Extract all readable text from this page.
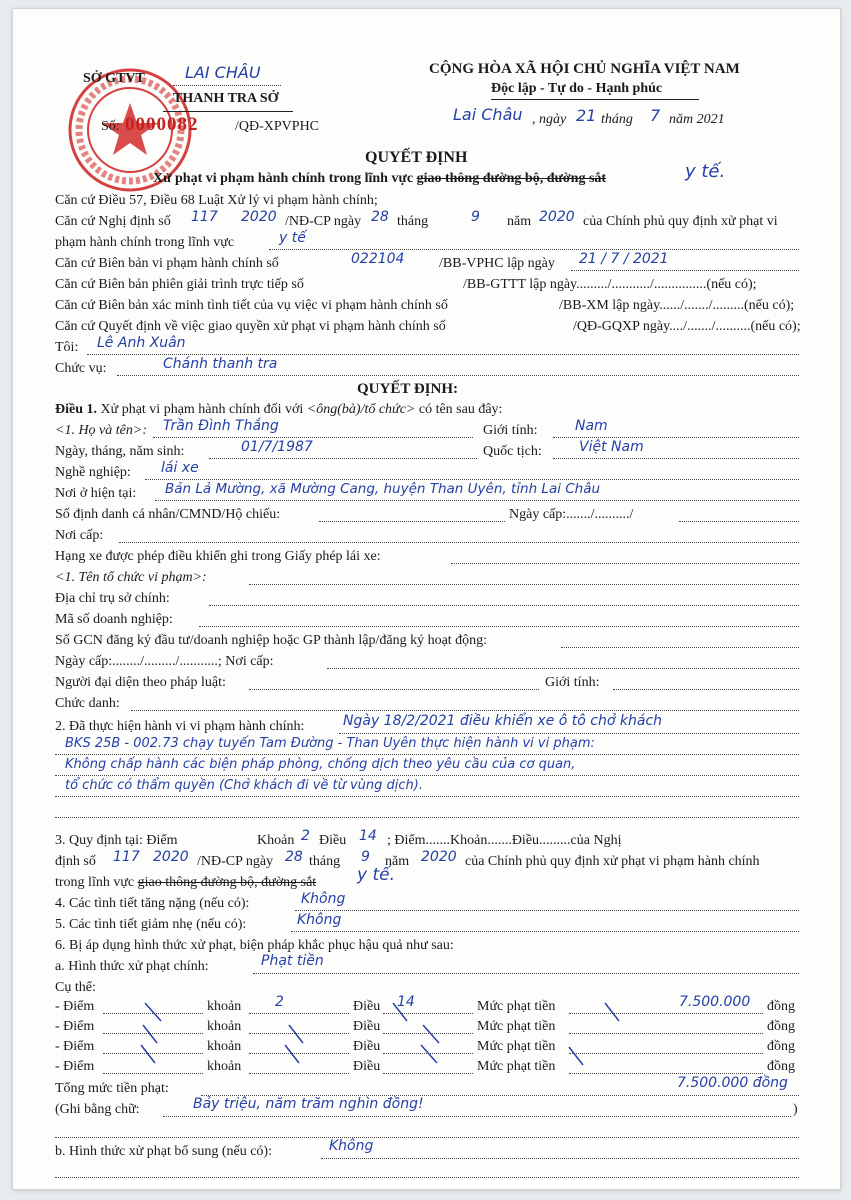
SỞ GTVT	LAI CHÂU
THANH TRA SỞ
Số: 0000082	/QĐ-XPVPHC
CỘNG HÒA XÃ HỘI CHỦ NGHĨA VIỆT NAM
Độc lập - Tự do - Hạnh phúc
Lai Châu , ngày 21 tháng 7 năm 2021
QUYẾT ĐỊNH
Xử phạt vi phạm hành chính trong lĩnh vực giao thông đường bộ, đường sắt	y tế.
Căn cứ Điều 57, Điều 68 Luật Xử lý vi phạm hành chính;
Căn cứ Nghị định số 117 2020 /NĐ-CP ngày 28 tháng	9 năm 2020 của Chính phủ quy định xử phạt vi
phạm hành chính trong lĩnh vực	y tế
Căn cứ Biên bản vi phạm hành chính số	022104 /BB-VPHC lập ngày 21 / 7 / 2021
Căn cứ Biên bản phiên giải trình trực tiếp số	/BB-GTTT lập ngày........./.........../...............(nếu có);
Căn cứ Biên bản xác minh tình tiết của vụ việc vi phạm hành chính số	/BB-XM lập ngày....../......./.........(nếu có);
Căn cứ Quyết định về việc giao quyền xử phạt vi phạm hành chính số	/QĐ-GQXP ngày..../......./..........(nếu có);
Tôi: Lê Anh Xuân
Chức vụ:	Chánh thanh tra
QUYẾT ĐỊNH:
Điều 1. Xử phạt vi phạm hành chính đối với <ông(bà)/tổ chức> có tên sau đây:
<1. Họ và tên>: Trần Đình Thắng	Giới tính:	Nam
Ngày, tháng, năm sinh:	01/7/1987	Quốc tịch:	Việt Nam
Nghề nghiệp: lái xe
Nơi ở hiện tại: Bản Lả Mường, xã Mường Cang, huyện Than Uyên, tỉnh Lai Châu
Số định danh cá nhân/CMND/Hộ chiếu:	Ngày cấp:......./........../
Nơi cấp:
Hạng xe được phép điều khiển ghi trong Giấy phép lái xe:
<1. Tên tổ chức vi phạm>:
Địa chỉ trụ sở chính:
Mã số doanh nghiệp:
Số GCN đăng ký đầu tư/doanh nghiệp hoặc GP thành lập/đăng ký hoạt động:
Ngày cấp:......../........./...........; Nơi cấp:
Người đại diện theo pháp luật:	Giới tính:
Chức danh:
2. Đã thực hiện hành vi vi phạm hành chính:	Ngày 18/2/2021 điều khiển xe ô tô chở khách
BKS 25B - 002.73 chạy tuyến Tam Đường - Than Uyên thực hiện hành vi vi phạm:
Không chấp hành các biện pháp phòng, chống dịch theo yêu cầu của cơ quan,
tổ chức có thẩm quyền (Chở khách đi về từ vùng dịch).
3. Quy định tại: Điểm	Khoản 2 Điều 14 ; Điểm.......Khoản.......Điều.........của Nghị
định số 117 2020 /NĐ-CP ngày 28 tháng 9 năm 2020 của Chính phủ quy định xử phạt vi phạm hành chính
trong lĩnh vực giao thông đường bộ, đường sắt y tế.
4. Các tình tiết tăng nặng (nếu có):	Không
5. Các tình tiết giảm nhẹ (nếu có):	Không
6. Bị áp dụng hình thức xử phạt, biện pháp khắc phục hậu quả như sau:
a. Hình thức xử phạt chính:	Phạt tiền
Cụ thể:
- Điểm	khoản 2	Điều 14	Mức phạt tiền	7.500.000 đồng
- Điểm	khoản	Điều	Mức phạt tiền	đồng
- Điểm	khoản	Điều	Mức phạt tiền	đồng
- Điểm	khoản	Điều	Mức phạt tiền	đồng
Tổng mức tiền phạt:	7.500.000 đồng
(Ghi bằng chữ:	Bảy triệu, năm trăm nghìn đồng!	)
b. Hình thức xử phạt bổ sung (nếu có):	Không
